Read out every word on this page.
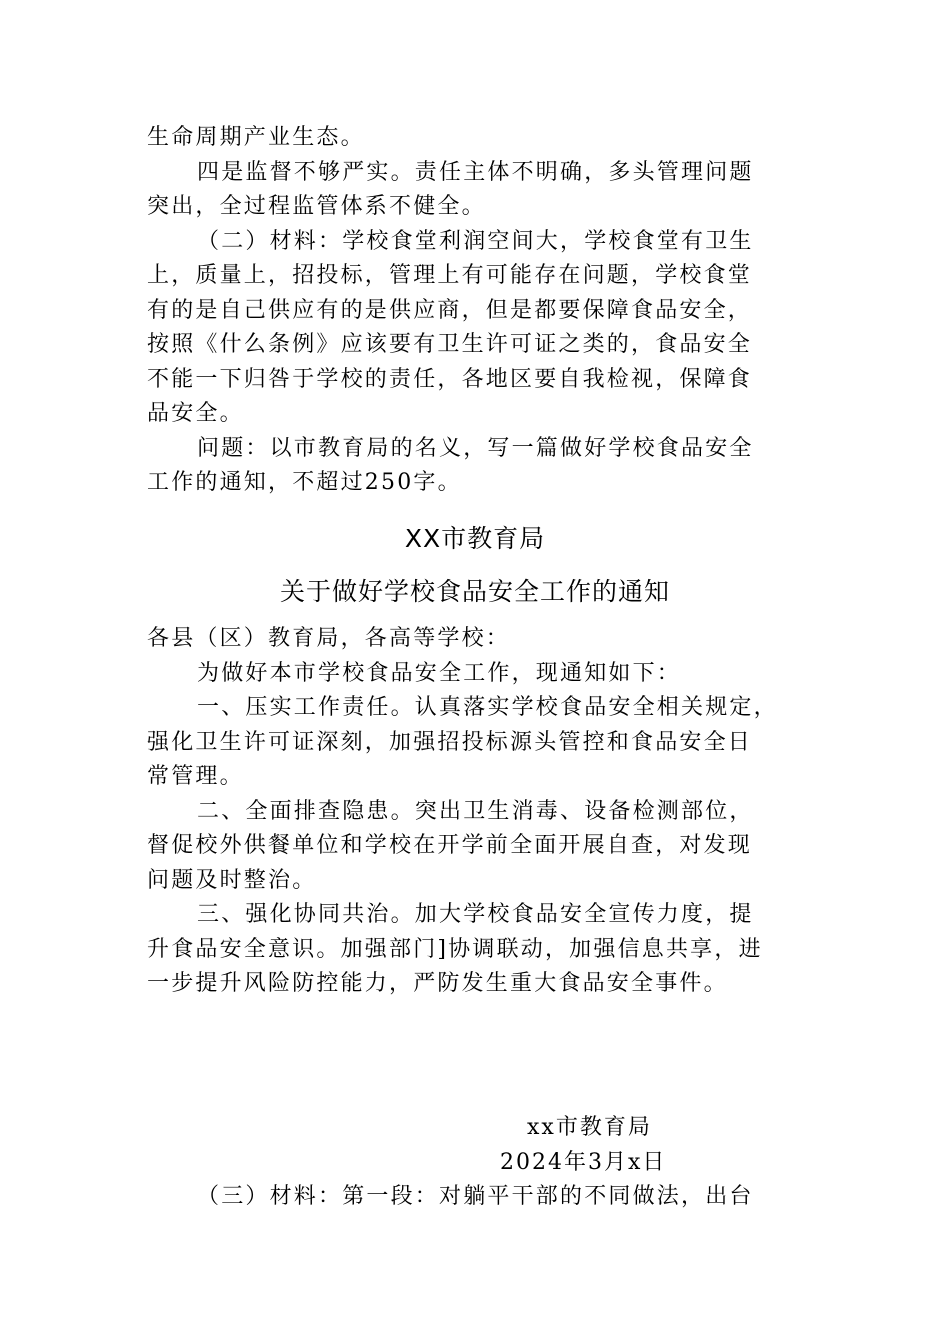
生命周期产业生态。
四是监督不够严实。责任主体不明确，多头管理问题
突出，全过程监管体系不健全。
（二）材料：学校食堂利润空间大，学校食堂有卫生
上，质量上，招投标，管理上有可能存在问题，学校食堂
有的是自己供应有的是供应商，但是都要保障食品安全，
按照《什么条例》应该要有卫生许可证之类的，食品安全
不能一下归咎于学校的责任，各地区要自我检视，保障食
品安全。
问题：以市教育局的名义，写一篇做好学校食品安全
工作的通知，不超过250字。
XX市教育局
关于做好学校食品安全工作的通知
各县（区）教育局，各高等学校：
为做好本市学校食品安全工作，现通知如下：
一、压实工作责任。认真落实学校食品安全相关规定，
强化卫生许可证深刻，加强招投标源头管控和食品安全日
常管理。
二、全面排查隐患。突出卫生消毒、设备检测部位，
督促校外供餐单位和学校在开学前全面开展自查，对发现
问题及时整治。
三、强化协同共治。加大学校食品安全宣传力度，提
升食品安全意识。加强部门]协调联动，加强信息共享，进
一步提升风险防控能力，严防发生重大食品安全事件。
xx市教育局
2024年3月x日
（三）材料：第一段：对躺平干部的不同做法，出台
